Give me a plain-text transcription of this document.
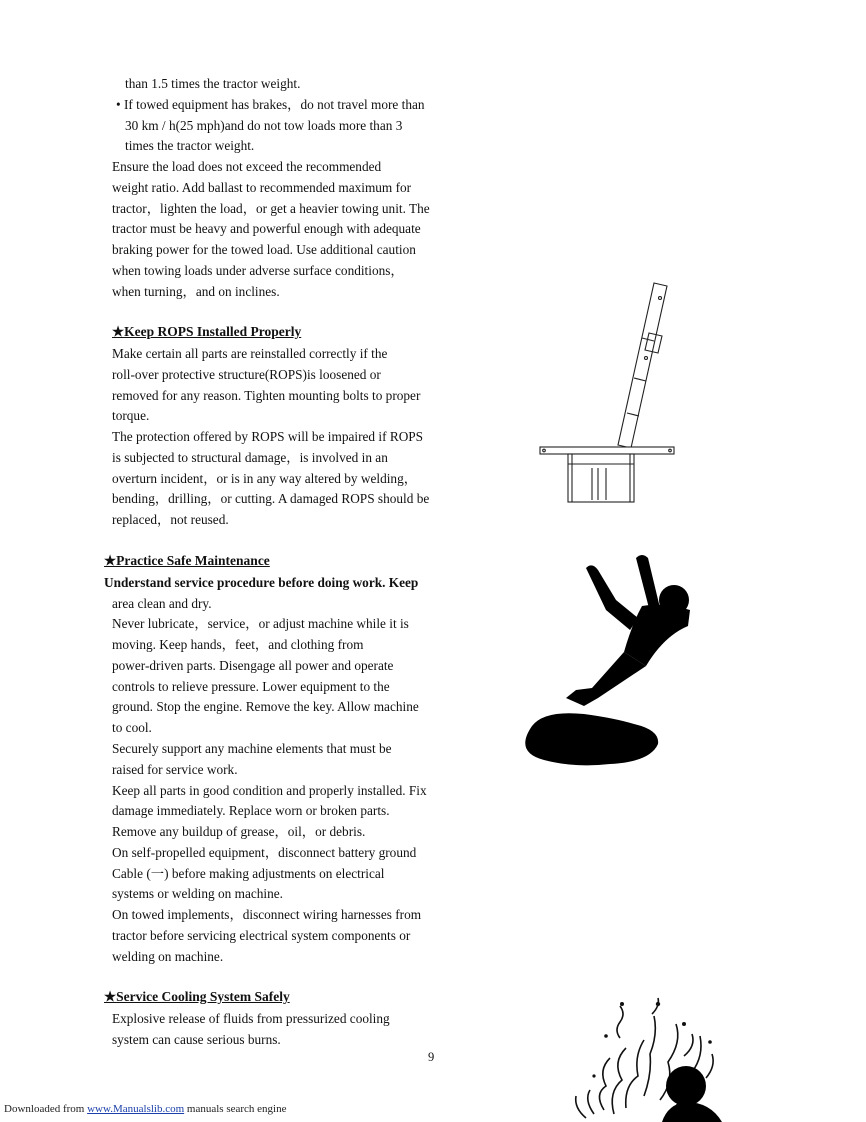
than 1.5 times the tractor weight.
• If towed equipment has brakes，do not travel more than
30 km / h(25 mph)and do not tow loads more than 3
times the tractor weight.
Ensure the load does not exceed the recommended
weight ratio. Add ballast to recommended maximum for
tractor，lighten the load，or get a heavier towing unit. The
tractor must be heavy and powerful enough with adequate
braking power for the towed load. Use additional caution
when towing loads under adverse surface conditions，
when turning，and on inclines.
★Keep ROPS Installed Properly
Make certain all parts are reinstalled correctly if the
roll-over protective structure(ROPS)is loosened or
removed for any reason. Tighten mounting bolts to proper
torque.
The protection offered by ROPS will be impaired if ROPS
is subjected to structural damage，is involved in an
overturn incident，or is in any way altered by welding，
bending，drilling，or cutting. A damaged ROPS should be
replaced，not reused.
★Practice Safe Maintenance
Understand service procedure before doing work. Keep
area clean and dry.
Never lubricate，service，or adjust machine while it is
moving. Keep hands，feet，and clothing from
power-driven parts. Disengage all power and operate
controls to relieve pressure. Lower equipment to the
ground. Stop the engine. Remove the key. Allow machine
to cool.
Securely support any machine elements that must be
raised for service work.
Keep all parts in good condition and properly installed. Fix
damage immediately. Replace worn or broken parts.
Remove any buildup of grease，oil，or debris.
On self-propelled equipment，disconnect battery ground
Cable (一) before making adjustments on electrical
systems or welding on machine.
On towed implements，disconnect wiring harnesses from
tractor before servicing electrical system components or
welding on machine.
★Service Cooling System Safely
Explosive release of fluids from pressurized cooling
system can cause serious burns.
9
Downloaded from www.Manualslib.com manuals search engine
